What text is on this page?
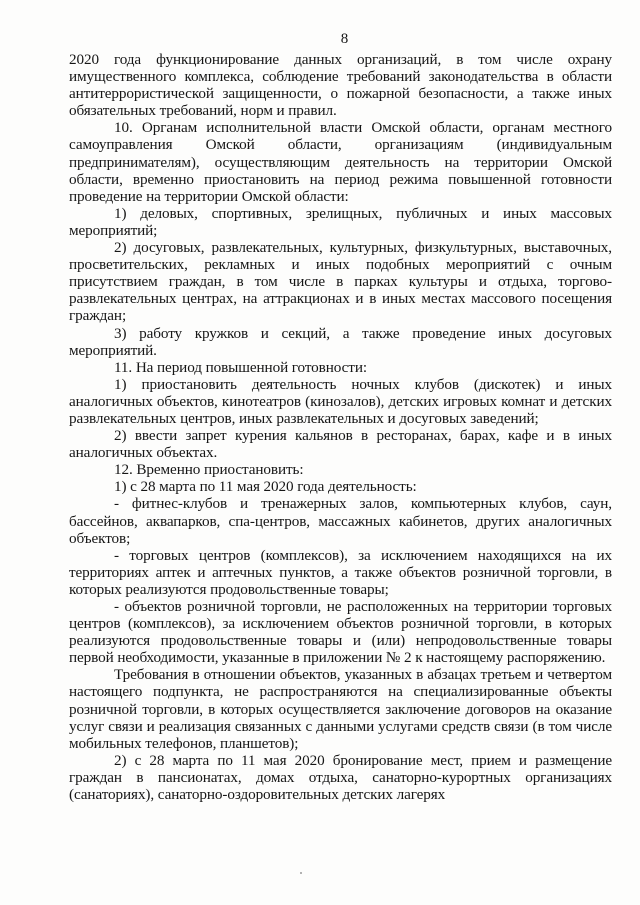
8

2020 года функционирование данных организаций, в том числе охрану имущественного комплекса, соблюдение требований законодательства в области антитеррористической защищенности, о пожарной безопасности, а также иных обязательных требований, норм и правил.

10. Органам исполнительной власти Омской области, органам местного самоуправления Омской области, организациям (индивидуальным предпринимателям), осуществляющим деятельность на территории Омской области, временно приостановить на период режима повышенной готовности проведение на территории Омской области:

1) деловых, спортивных, зрелищных, публичных и иных массовых мероприятий;

2) досуговых, развлекательных, культурных, физкультурных, выставочных, просветительских, рекламных и иных подобных мероприятий с очным присутствием граждан, в том числе в парках культуры и отдыха, торгово-развлекательных центрах, на аттракционах и в иных местах массового посещения граждан;

3) работу кружков и секций, а также проведение иных досуговых мероприятий.

11. На период повышенной готовности:

1) приостановить деятельность ночных клубов (дискотек) и иных аналогичных объектов, кинотеатров (кинозалов), детских игровых комнат и детских развлекательных центров, иных развлекательных и досуговых заведений;

2) ввести запрет курения кальянов в ресторанах, барах, кафе и в иных аналогичных объектах.

12. Временно приостановить:

1) с 28 марта по 11 мая 2020 года деятельность:

- фитнес-клубов и тренажерных залов, компьютерных клубов, саун, бассейнов, аквапарков, спа-центров, массажных кабинетов, других аналогичных объектов;

- торговых центров (комплексов), за исключением находящихся на их территориях аптек и аптечных пунктов, а также объектов розничной торговли, в которых реализуются продовольственные товары;

- объектов розничной торговли, не расположенных на территории торговых центров (комплексов), за исключением объектов розничной торговли, в которых реализуются продовольственные товары и (или) непродовольственные товары первой необходимости, указанные в приложении № 2 к настоящему распоряжению.

Требования в отношении объектов, указанных в абзацах третьем и четвертом настоящего подпункта, не распространяются на специализированные объекты розничной торговли, в которых осуществляется заключение договоров на оказание услуг связи и реализация связанных с данными услугами средств связи (в том числе мобильных телефонов, планшетов);

2) с 28 марта по 11 мая 2020 бронирование мест, прием и размещение граждан в пансионатах, домах отдыха, санаторно-курортных организациях (санаториях), санаторно-оздоровительных детских лагерях
